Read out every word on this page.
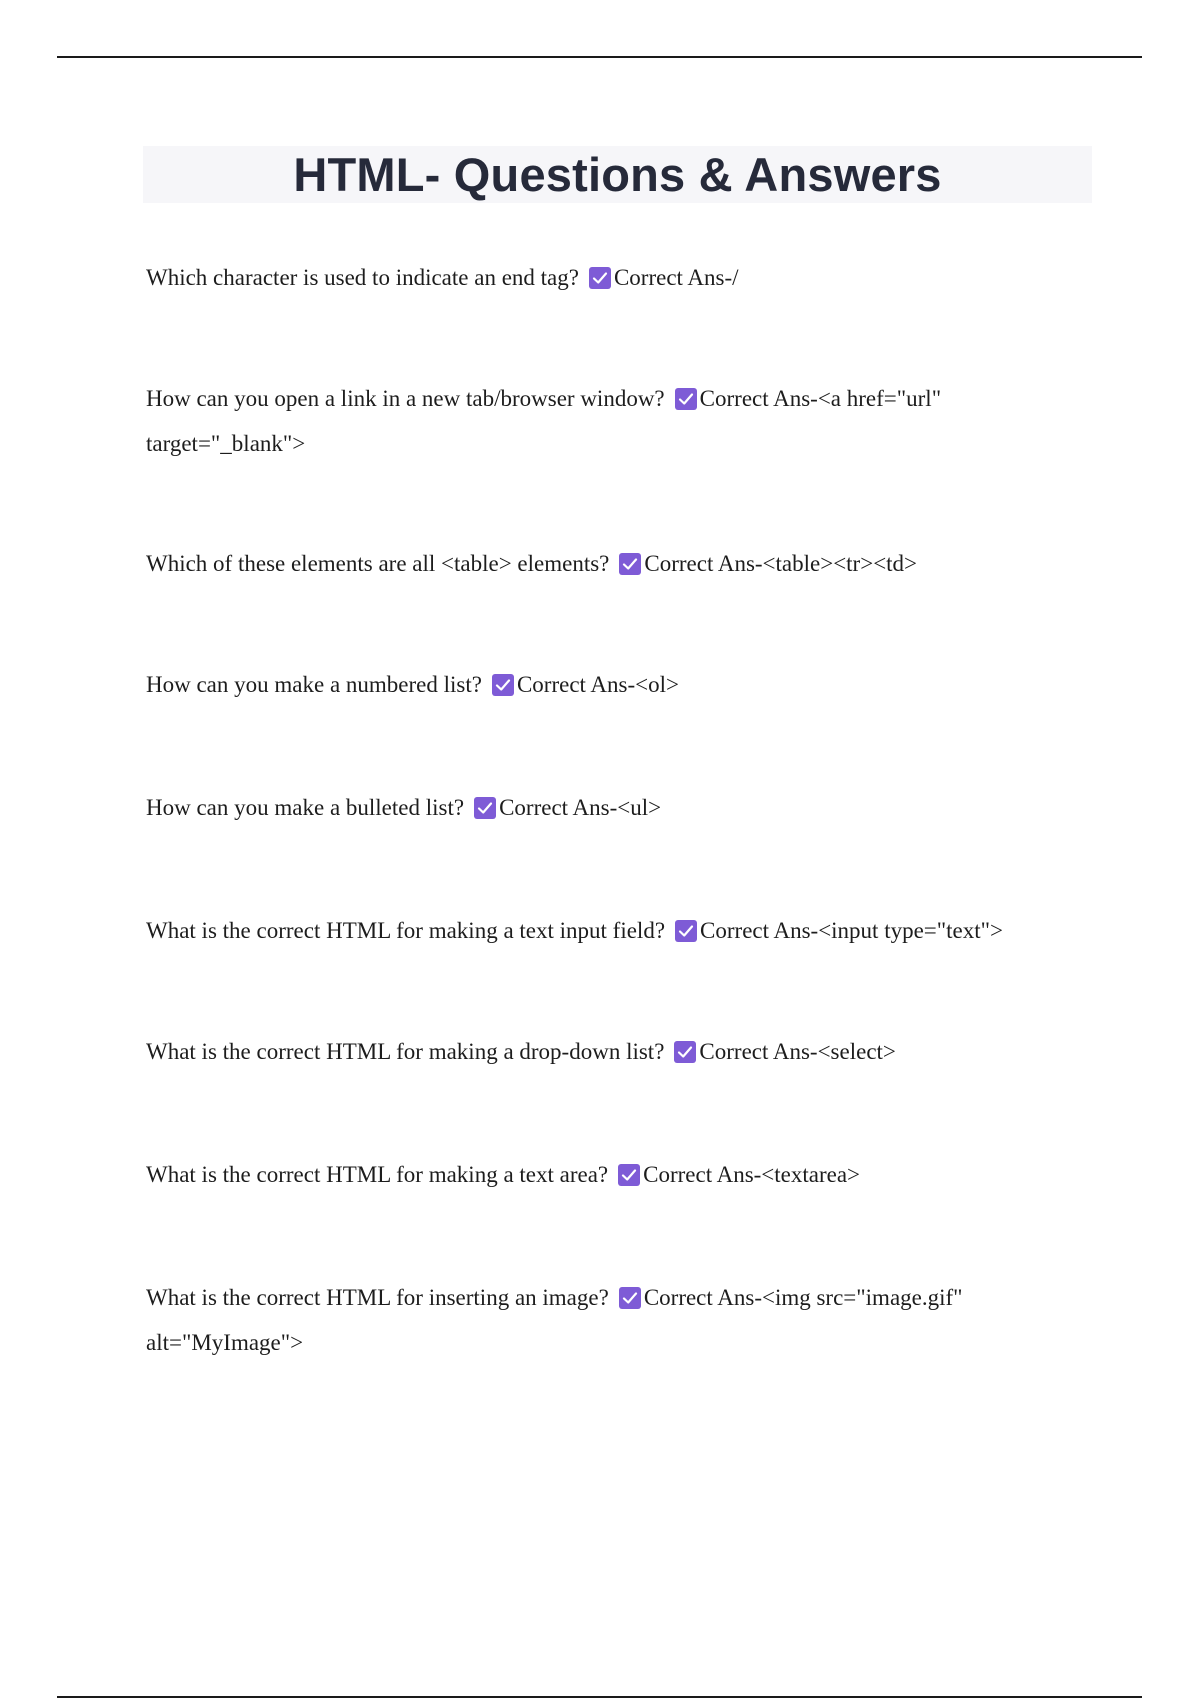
HTML- Questions & Answers

Which character is used to indicate an end tag? Correct Ans-/

How can you open a link in a new tab/browser window? Correct Ans-<a href="url" target="_blank">

Which of these elements are all <table> elements? Correct Ans-<table><tr><td>

How can you make a numbered list? Correct Ans-<ol>

How can you make a bulleted list? Correct Ans-<ul>

What is the correct HTML for making a text input field? Correct Ans-<input type="text">

What is the correct HTML for making a drop-down list? Correct Ans-<select>

What is the correct HTML for making a text area? Correct Ans-<textarea>

What is the correct HTML for inserting an image? Correct Ans-<img src="image.gif" alt="MyImage">
